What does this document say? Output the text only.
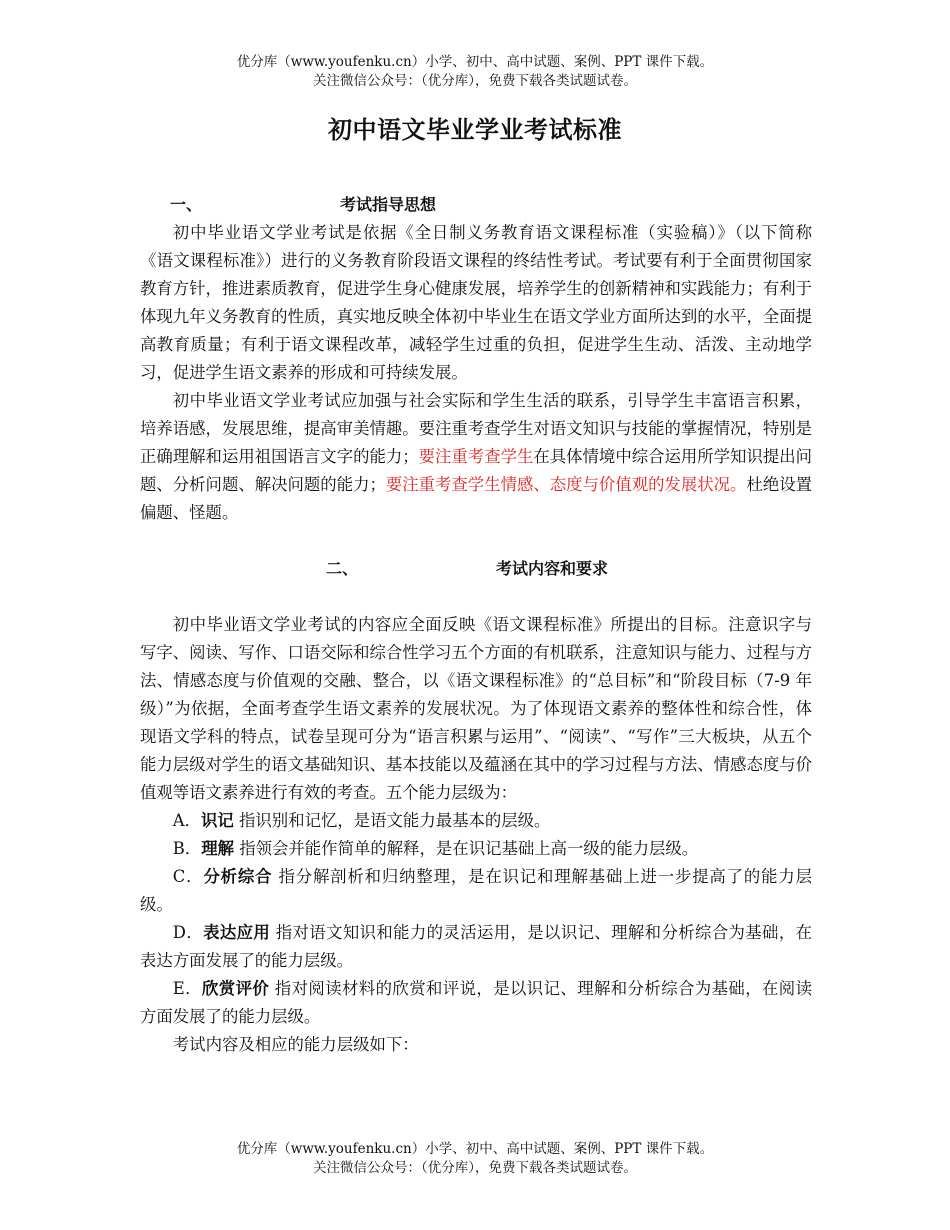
优分库（www.youfenku.cn）小学、初中、高中试题、案例、PPT 课件下载。
关注微信公众号：（优分库），免费下载各类试题试卷。
初中语文毕业学业考试标准
一、	考试指导思想

初中毕业语文学业考试是依据《全日制义务教育语文课程标准（实验稿）》（以下简称《语文课程标准》）进行的义务教育阶段语文课程的终结性考试。考试要有利于全面贯彻国家教育方针，推进素质教育，促进学生身心健康发展，培养学生的创新精神和实践能力；有利于体现九年义务教育的性质，真实地反映全体初中毕业生在语文学业方面所达到的水平，全面提高教育质量；有利于语文课程改革，减轻学生过重的负担，促进学生生动、活泼、主动地学习，促进学生语文素养的形成和可持续发展。

初中毕业语文学业考试应加强与社会实际和学生生活的联系，引导学生丰富语言积累，培养语感，发展思维，提高审美情趣。要注重考查学生对语文知识与技能的掌握情况，特别是正确理解和运用祖国语言文字的能力；要注重考查学生在具体情境中综合运用所学知识提出问题、分析问题、解决问题的能力；要注重考查学生情感、态度与价值观的发展状况。杜绝设置偏题、怪题。

二、	考试内容和要求

初中毕业语文学业考试的内容应全面反映《语文课程标准》所提出的目标。注意识字与写字、阅读、写作、口语交际和综合性学习五个方面的有机联系，注意知识与能力、过程与方法、情感态度与价值观的交融、整合，以《语文课程标准》的“总目标”和“阶段目标（7-9 年级）”为依据，全面考查学生语文素养的发展状况。为了体现语文素养的整体性和综合性，体现语文学科的特点，试卷呈现可分为“语言积累与运用”、“阅读”、“写作”三大板块，从五个能力层级对学生的语文基础知识、基本技能以及蕴涵在其中的学习过程与方法、情感态度与价值观等语文素养进行有效的考查。五个能力层级为：

A．识记 指识别和记忆，是语文能力最基本的层级。

B．理解 指领会并能作简单的解释，是在识记基础上高一级的能力层级。

C．分析综合 指分解剖析和归纳整理，是在识记和理解基础上进一步提高了的能力层级。

D．表达应用 指对语文知识和能力的灵活运用，是以识记、理解和分析综合为基础，在表达方面发展了的能力层级。

E．欣赏评价 指对阅读材料的欣赏和评说，是以识记、理解和分析综合为基础，在阅读方面发展了的能力层级。

考试内容及相应的能力层级如下：

优分库（www.youfenku.cn）小学、初中、高中试题、案例、PPT 课件下载。
关注微信公众号：（优分库），免费下载各类试题试卷。
